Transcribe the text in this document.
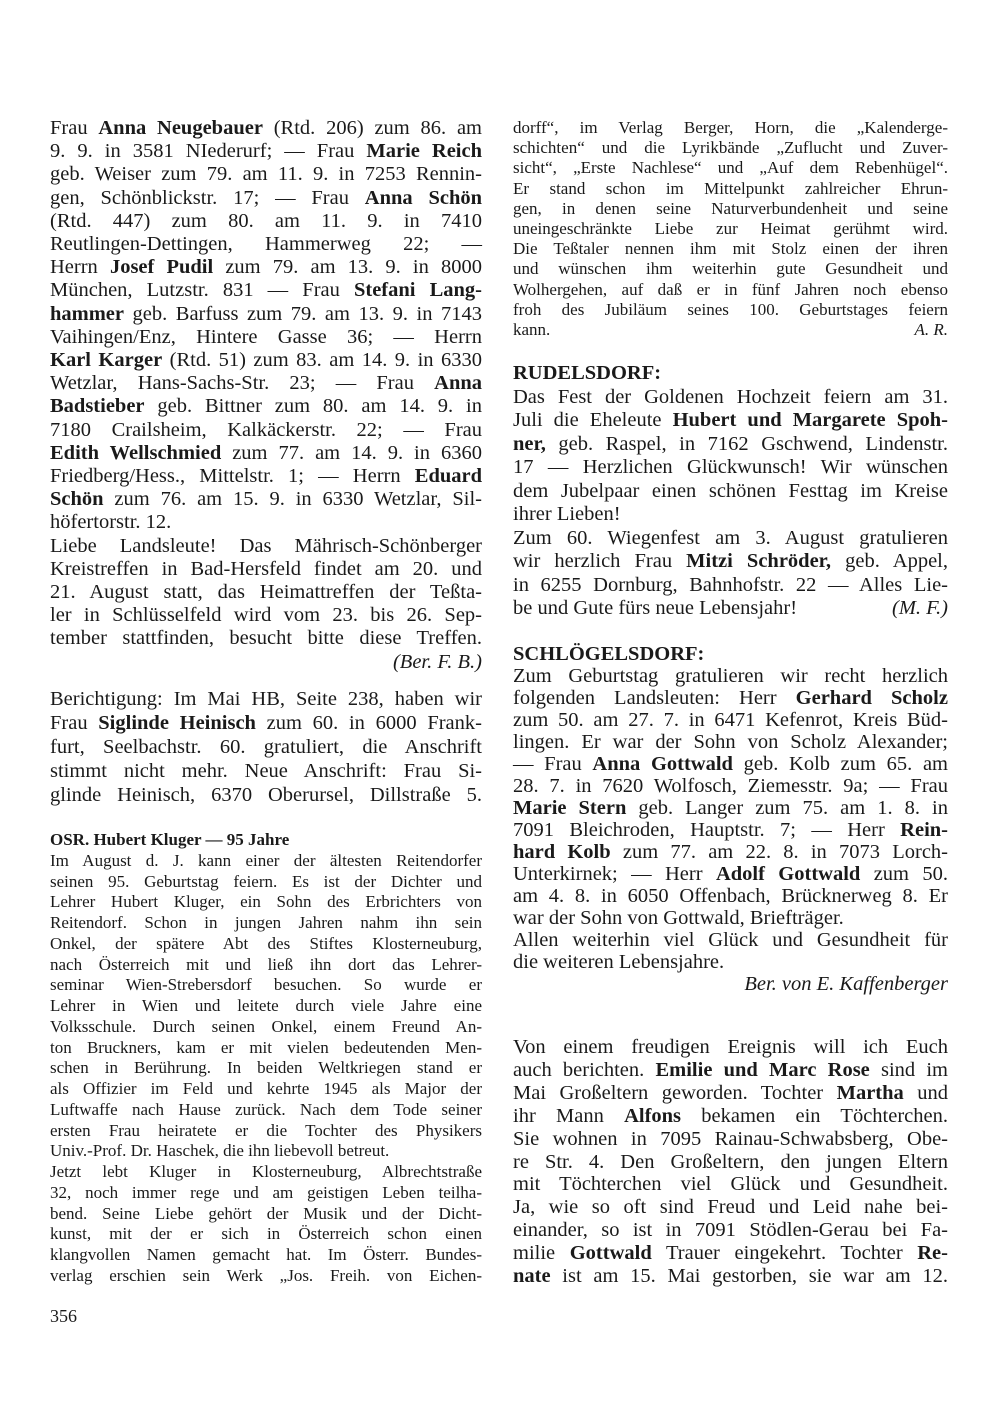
Frau Anna Neugebauer (Rtd. 206) zum 86. am
9. 9. in 3581 NIederurf; — Frau Marie Reich
geb. Weiser zum 79. am 11. 9. in 7253 Rennin-
gen, Schönblickstr. 17; — Frau Anna Schön
(Rtd. 447) zum 80. am 11. 9. in 7410
Reutlingen-Dettingen, Hammerweg 22; —
Herrn Josef Pudil zum 79. am 13. 9. in 8000
München, Lutzstr. 831 — Frau Stefani Lang-
hammer geb. Barfuss zum 79. am 13. 9. in 7143
Vaihingen/Enz, Hintere Gasse 36; — Herrn
Karl Karger (Rtd. 51) zum 83. am 14. 9. in 6330
Wetzlar, Hans-Sachs-Str. 23; — Frau Anna
Badstieber geb. Bittner zum 80. am 14. 9. in
7180 Crailsheim, Kalkäckerstr. 22; — Frau
Edith Wellschmied zum 77. am 14. 9. in 6360
Friedberg/Hess., Mittelstr. 1; — Herrn Eduard
Schön zum 76. am 15. 9. in 6330 Wetzlar, Sil-
höfertorstr. 12.
Liebe Landsleute! Das Mährisch-Schönberger
Kreistreffen in Bad-Hersfeld findet am 20. und
21. August statt, das Heimattreffen der Teßta-
ler in Schlüsselfeld wird vom 23. bis 26. Sep-
tember stattfinden, besucht bitte diese Treffen.
(Ber. F. B.)
Berichtigung: Im Mai HB, Seite 238, haben wir
Frau Siglinde Heinisch zum 60. in 6000 Frank-
furt, Seelbachstr. 60. gratuliert, die Anschrift
stimmt nicht mehr. Neue Anschrift: Frau Si-
glinde Heinisch, 6370 Oberursel, Dillstraße 5.
OSR. Hubert Kluger — 95 Jahre
Im August d. J. kann einer der ältesten Reitendorfer
seinen 95. Geburtstag feiern. Es ist der Dichter und
Lehrer Hubert Kluger, ein Sohn des Erbrichters von
Reitendorf. Schon in jungen Jahren nahm ihn sein
Onkel, der spätere Abt des Stiftes Klosterneuburg,
nach Österreich mit und ließ ihn dort das Lehrer-
seminar Wien-Strebersdorf besuchen. So wurde er
Lehrer in Wien und leitete durch viele Jahre eine
Volksschule. Durch seinen Onkel, einem Freund An-
ton Bruckners, kam er mit vielen bedeutenden Men-
schen in Berührung. In beiden Weltkriegen stand er
als Offizier im Feld und kehrte 1945 als Major der
Luftwaffe nach Hause zurück. Nach dem Tode seiner
ersten Frau heiratete er die Tochter des Physikers
Univ.-Prof. Dr. Haschek, die ihn liebevoll betreut.
Jetzt lebt Kluger in Klosterneuburg, Albrechtstraße
32, noch immer rege und am geistigen Leben teilha-
bend. Seine Liebe gehört der Musik und der Dicht-
kunst, mit der er sich in Österreich schon einen
klangvollen Namen gemacht hat. Im Österr. Bundes-
verlag erschien sein Werk „Jos. Freih. von Eichen-
dorff“, im Verlag Berger, Horn, die „Kalenderge-
schichten“ und die Lyrikbände „Zuflucht und Zuver-
sicht“, „Erste Nachlese“ und „Auf dem Rebenhügel“.
Er stand schon im Mittelpunkt zahlreicher Ehrun-
gen, in denen seine Naturverbundenheit und seine
uneingeschränkte Liebe zur Heimat gerühmt wird.
Die Teßtaler nennen ihm mit Stolz einen der ihren
und wünschen ihm weiterhin gute Gesundheit und
Wolhergehen, auf daß er in fünf Jahren noch ebenso
froh des Jubiläum seines 100. Geburtstages feiern
kann.	A. R.
RUDELSDORF:
Das Fest der Goldenen Hochzeit feiern am 31.
Juli die Eheleute Hubert und Margarete Spoh-
ner, geb. Raspel, in 7162 Gschwend, Lindenstr.
17 — Herzlichen Glückwunsch! Wir wünschen
dem Jubelpaar einen schönen Festtag im Kreise
ihrer Lieben!
Zum 60. Wiegenfest am 3. August gratulieren
wir herzlich Frau Mitzi Schröder, geb. Appel,
in 6255 Dornburg, Bahnhofstr. 22 — Alles Lie-
be und Gute fürs neue Lebensjahr!	(M. F.)
SCHLÖGELSDORF:
Zum Geburtstag gratulieren wir recht herzlich
folgenden Landsleuten: Herr Gerhard Scholz
zum 50. am 27. 7. in 6471 Kefenrot, Kreis Büd-
lingen. Er war der Sohn von Scholz Alexander;
— Frau Anna Gottwald geb. Kolb zum 65. am
28. 7. in 7620 Wolfosch, Ziemesstr. 9a; — Frau
Marie Stern geb. Langer zum 75. am 1. 8. in
7091 Bleichroden, Hauptstr. 7; — Herr Rein-
hard Kolb zum 77. am 22. 8. in 7073 Lorch-
Unterkirnek; — Herr Adolf Gottwald zum 50.
am 4. 8. in 6050 Offenbach, Brücknerweg 8. Er
war der Sohn von Gottwald, Briefträger.
Allen weiterhin viel Glück und Gesundheit für
die weiteren Lebensjahre.
Ber. von E. Kaffenberger
Von einem freudigen Ereignis will ich Euch
auch berichten. Emilie und Marc Rose sind im
Mai Großeltern geworden. Tochter Martha und
ihr Mann Alfons bekamen ein Töchterchen.
Sie wohnen in 7095 Rainau-Schwabsberg, Obe-
re Str. 4. Den Großeltern, den jungen Eltern
mit Töchterchen viel Glück und Gesundheit.
Ja, wie so oft sind Freud und Leid nahe bei-
einander, so ist in 7091 Stödlen-Gerau bei Fa-
milie Gottwald Trauer eingekehrt. Tochter Re-
nate ist am 15. Mai gestorben, sie war am 12.
356
